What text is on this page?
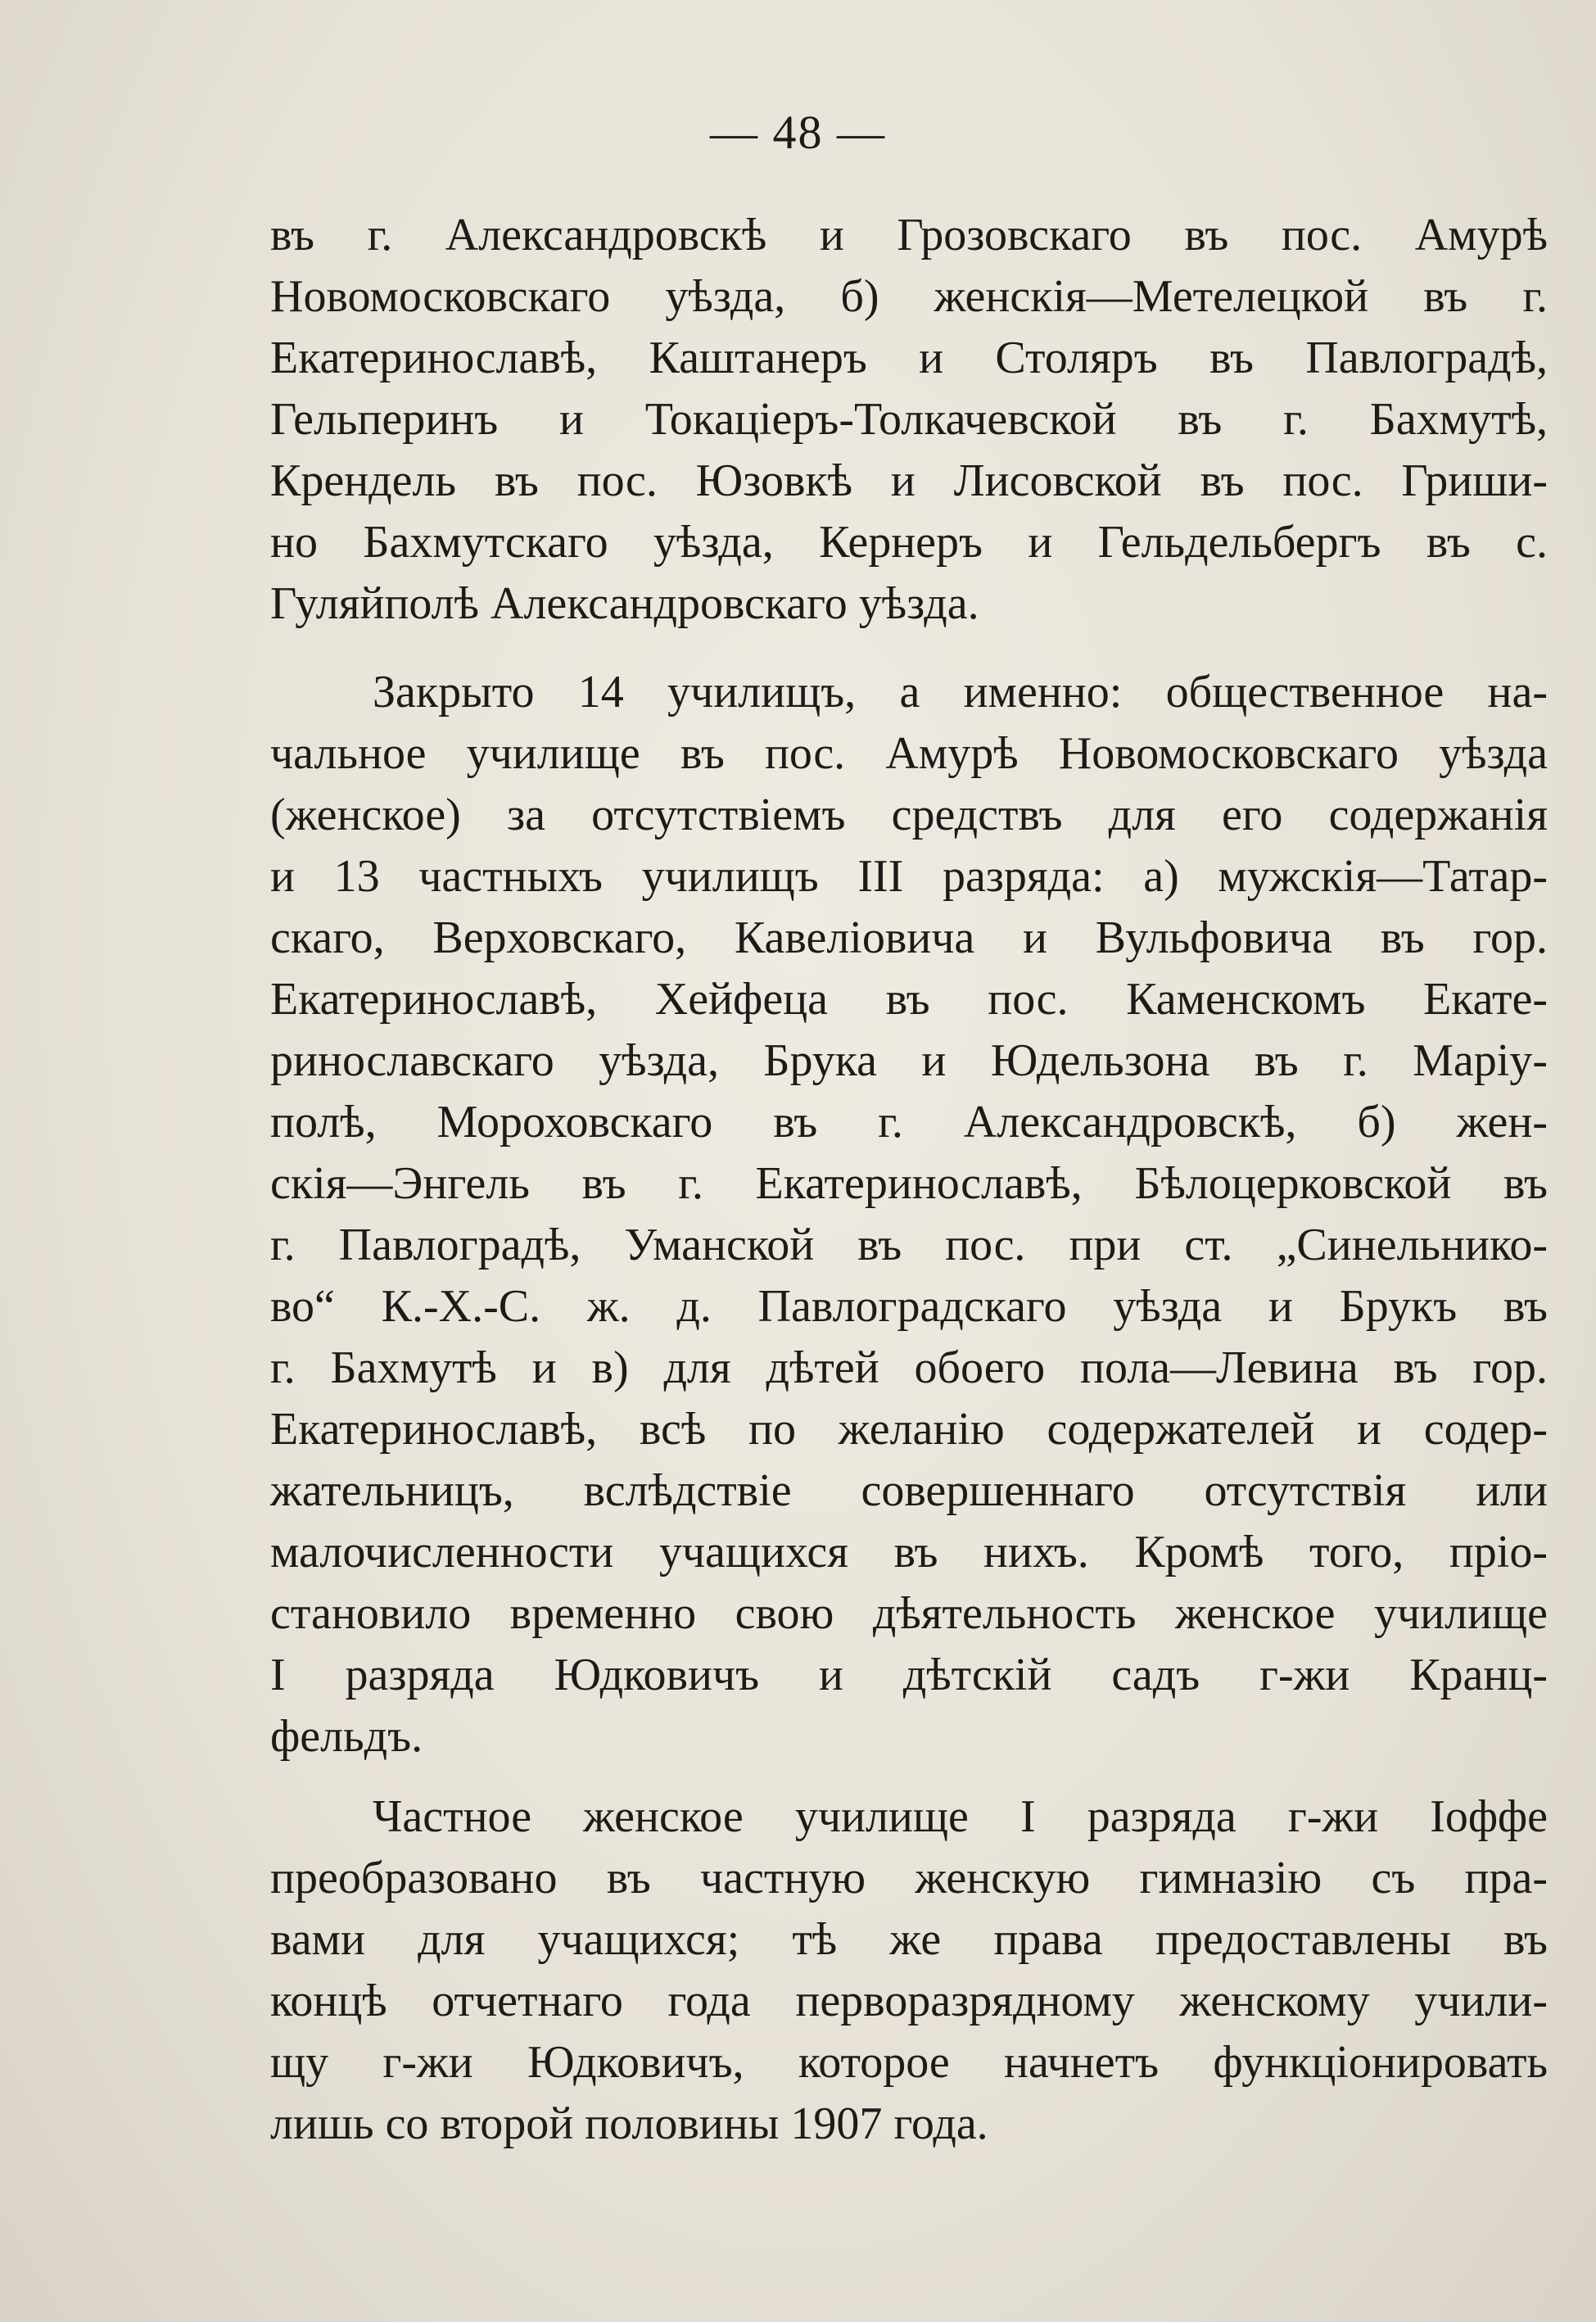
— 48 —
въ г. Александровскѣ и Грозовскаго въ пос. Амурѣ
Новомосковскаго уѣзда, б) женскія—Метелецкой въ г.
Екатеринославѣ, Каштанеръ и Столяръ въ Павлоградѣ,
Гельперинъ и Токаціеръ-Толкачевской въ г. Бахмутѣ,
Крендель въ пос. Юзовкѣ и Лисовской въ пос. Гриши-
но Бахмутскаго уѣзда, Кернеръ и Гельдельбергъ въ с.
Гуляйполѣ Александровскаго уѣзда.
Закрыто 14 училищъ, а именно: общественное на-
чальное училище въ пос. Амурѣ Новомосковскаго уѣзда
(женское) за отсутствіемъ средствъ для его содержанія
и 13 частныхъ училищъ III разряда: а) мужскія—Татар-
скаго, Верховскаго, Кавеліовича и Вульфовича въ гор.
Екатеринославѣ, Хейфеца въ пос. Каменскомъ Екате-
ринославскаго уѣзда, Брука и Юдельзона въ г. Маріу-
полѣ, Мороховскаго въ г. Александровскѣ, б) жен-
скія—Энгель въ г. Екатеринославѣ, Бѣлоцерковской въ
г. Павлоградѣ, Уманской въ пос. при ст. „Синельнико-
во“ К.-Х.-С. ж. д. Павлоградскаго уѣзда и Брукъ въ
г. Бахмутѣ и в) для дѣтей обоего пола—Левина въ гор.
Екатеринославѣ, всѣ по желанію содержателей и содер-
жательницъ, вслѣдствіе совершеннаго отсутствія или
малочисленности учащихся въ нихъ. Кромѣ того, пріо-
становило временно свою дѣятельность женское училище
I разряда Юдковичъ и дѣтскій садъ г-жи Кранц-
фельдъ.
Частное женское училище I разряда г-жи Іоффе
преобразовано въ частную женскую гимназію съ пра-
вами для учащихся; тѣ же права предоставлены въ
концѣ отчетнаго года перворазрядному женскому учили-
щу г-жи Юдковичъ, которое начнетъ функціонировать
лишь со второй половины 1907 года.
